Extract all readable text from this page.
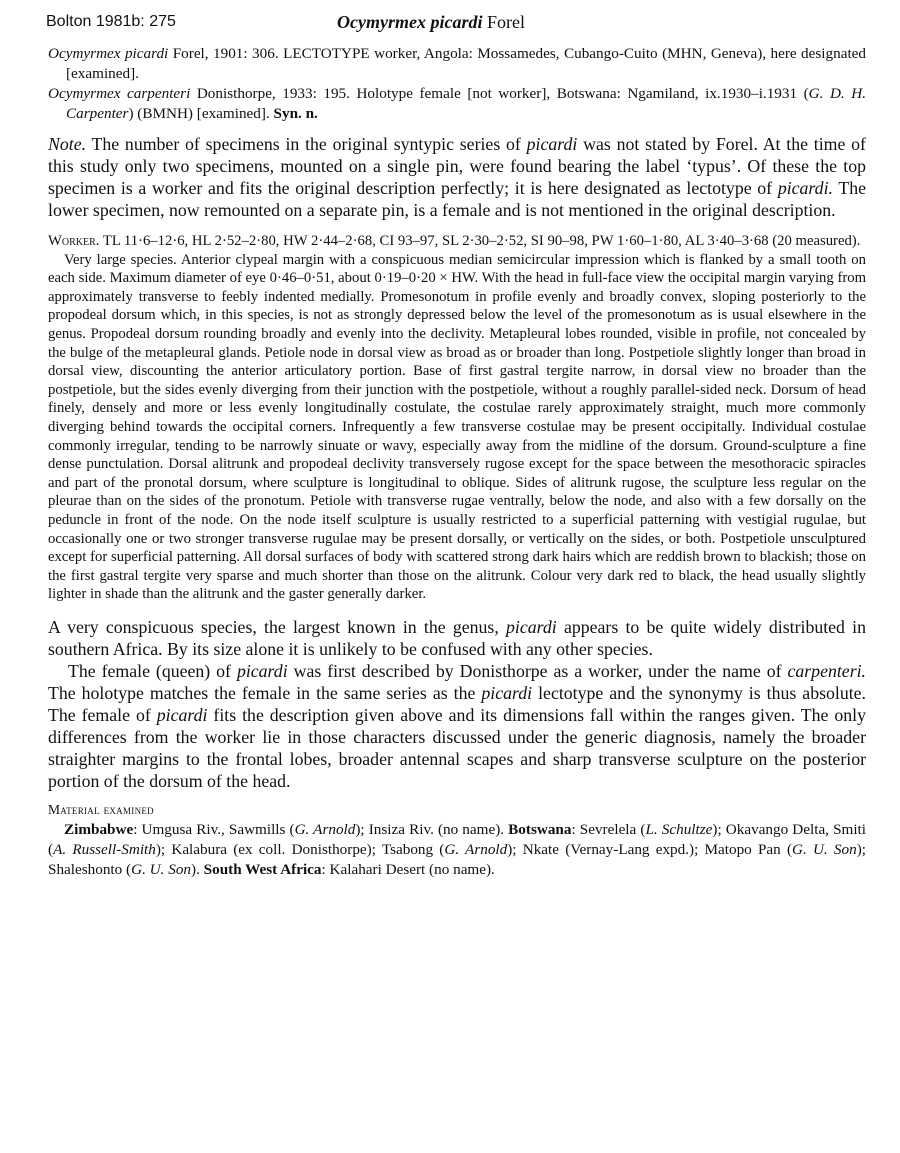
Bolton 1981b: 275	Ocymyrmex picardi Forel

Ocymyrmex picardi Forel, 1901: 306. LECTOTYPE worker, Angola: Mossamedes, Cubango-Cuito (MHN, Geneva), here designated [examined].

Ocymyrmex carpenteri Donisthorpe, 1933: 195. Holotype female [not worker], Botswana: Ngamiland, ix.1930–i.1931 (G. D. H. Carpenter) (BMNH) [examined]. Syn. n.

Note. The number of specimens in the original syntypic series of picardi was not stated by Forel. At the time of this study only two specimens, mounted on a single pin, were found bearing the label ‘typus’. Of these the top specimen is a worker and fits the original description perfectly; it is here designated as lectotype of picardi. The lower specimen, now remounted on a separate pin, is a female and is not mentioned in the original description.

Worker. TL 11·6–12·6, HL 2·52–2·80, HW 2·44–2·68, CI 93–97, SL 2·30–2·52, SI 90–98, PW 1·60–1·80, AL 3·40–3·68 (20 measured).

Very large species. Anterior clypeal margin with a conspicuous median semicircular impression which is flanked by a small tooth on each side. Maximum diameter of eye 0·46–0·51, about 0·19–0·20 × HW. With the head in full-face view the occipital margin varying from approximately transverse to feebly indented medially. Promesonotum in profile evenly and broadly convex, sloping posteriorly to the propodeal dorsum which, in this species, is not as strongly depressed below the level of the promesonotum as is usual elsewhere in the genus. Propodeal dorsum rounding broadly and evenly into the declivity. Metapleural lobes rounded, visible in profile, not concealed by the bulge of the metapleural glands. Petiole node in dorsal view as broad as or broader than long. Postpetiole slightly longer than broad in dorsal view, discounting the anterior articulatory portion. Base of first gastral tergite narrow, in dorsal view no broader than the postpetiole, but the sides evenly diverging from their junction with the postpetiole, without a roughly parallel-sided neck. Dorsum of head finely, densely and more or less evenly longitudinally costulate, the costulae rarely approximately straight, much more commonly diverging behind towards the occipital corners. Infrequently a few transverse costulae may be present occipitally. Individual costulae commonly irregular, tending to be narrowly sinuate or wavy, especially away from the midline of the dorsum. Ground-sculpture a fine dense punctulation. Dorsal alitrunk and propodeal declivity transversely rugose except for the space between the mesothoracic spiracles and part of the pronotal dorsum, where sculpture is longitudinal to oblique. Sides of alitrunk rugose, the sculpture less regular on the pleurae than on the sides of the pronotum. Petiole with transverse rugae ventrally, below the node, and also with a few dorsally on the peduncle in front of the node. On the node itself sculpture is usually restricted to a superficial patterning with vestigial rugulae, but occasionally one or two stronger transverse rugulae may be present dorsally, or vertically on the sides, or both. Postpetiole unsculptured except for superficial patterning. All dorsal surfaces of body with scattered strong dark hairs which are reddish brown to blackish; those on the first gastral tergite very sparse and much shorter than those on the alitrunk. Colour very dark red to black, the head usually slightly lighter in shade than the alitrunk and the gaster generally darker.

A very conspicuous species, the largest known in the genus, picardi appears to be quite widely distributed in southern Africa. By its size alone it is unlikely to be confused with any other species.

The female (queen) of picardi was first described by Donisthorpe as a worker, under the name of carpenteri. The holotype matches the female in the same series as the picardi lectotype and the synonymy is thus absolute. The female of picardi fits the description given above and its dimensions fall within the ranges given. The only differences from the worker lie in those characters discussed under the generic diagnosis, namely the broader straighter margins to the frontal lobes, broader antennal scapes and sharp transverse sculpture on the posterior portion of the dorsum of the head.

Material examined

Zimbabwe: Umgusa Riv., Sawmills (G. Arnold); Insiza Riv. (no name). Botswana: Sevrelela (L. Schultze); Okavango Delta, Smiti (A. Russell-Smith); Kalabura (ex coll. Donisthorpe); Tsabong (G. Arnold); Nkate (Vernay-Lang expd.); Matopo Pan (G. U. Son); Shaleshonto (G. U. Son). South West Africa: Kalahari Desert (no name).
